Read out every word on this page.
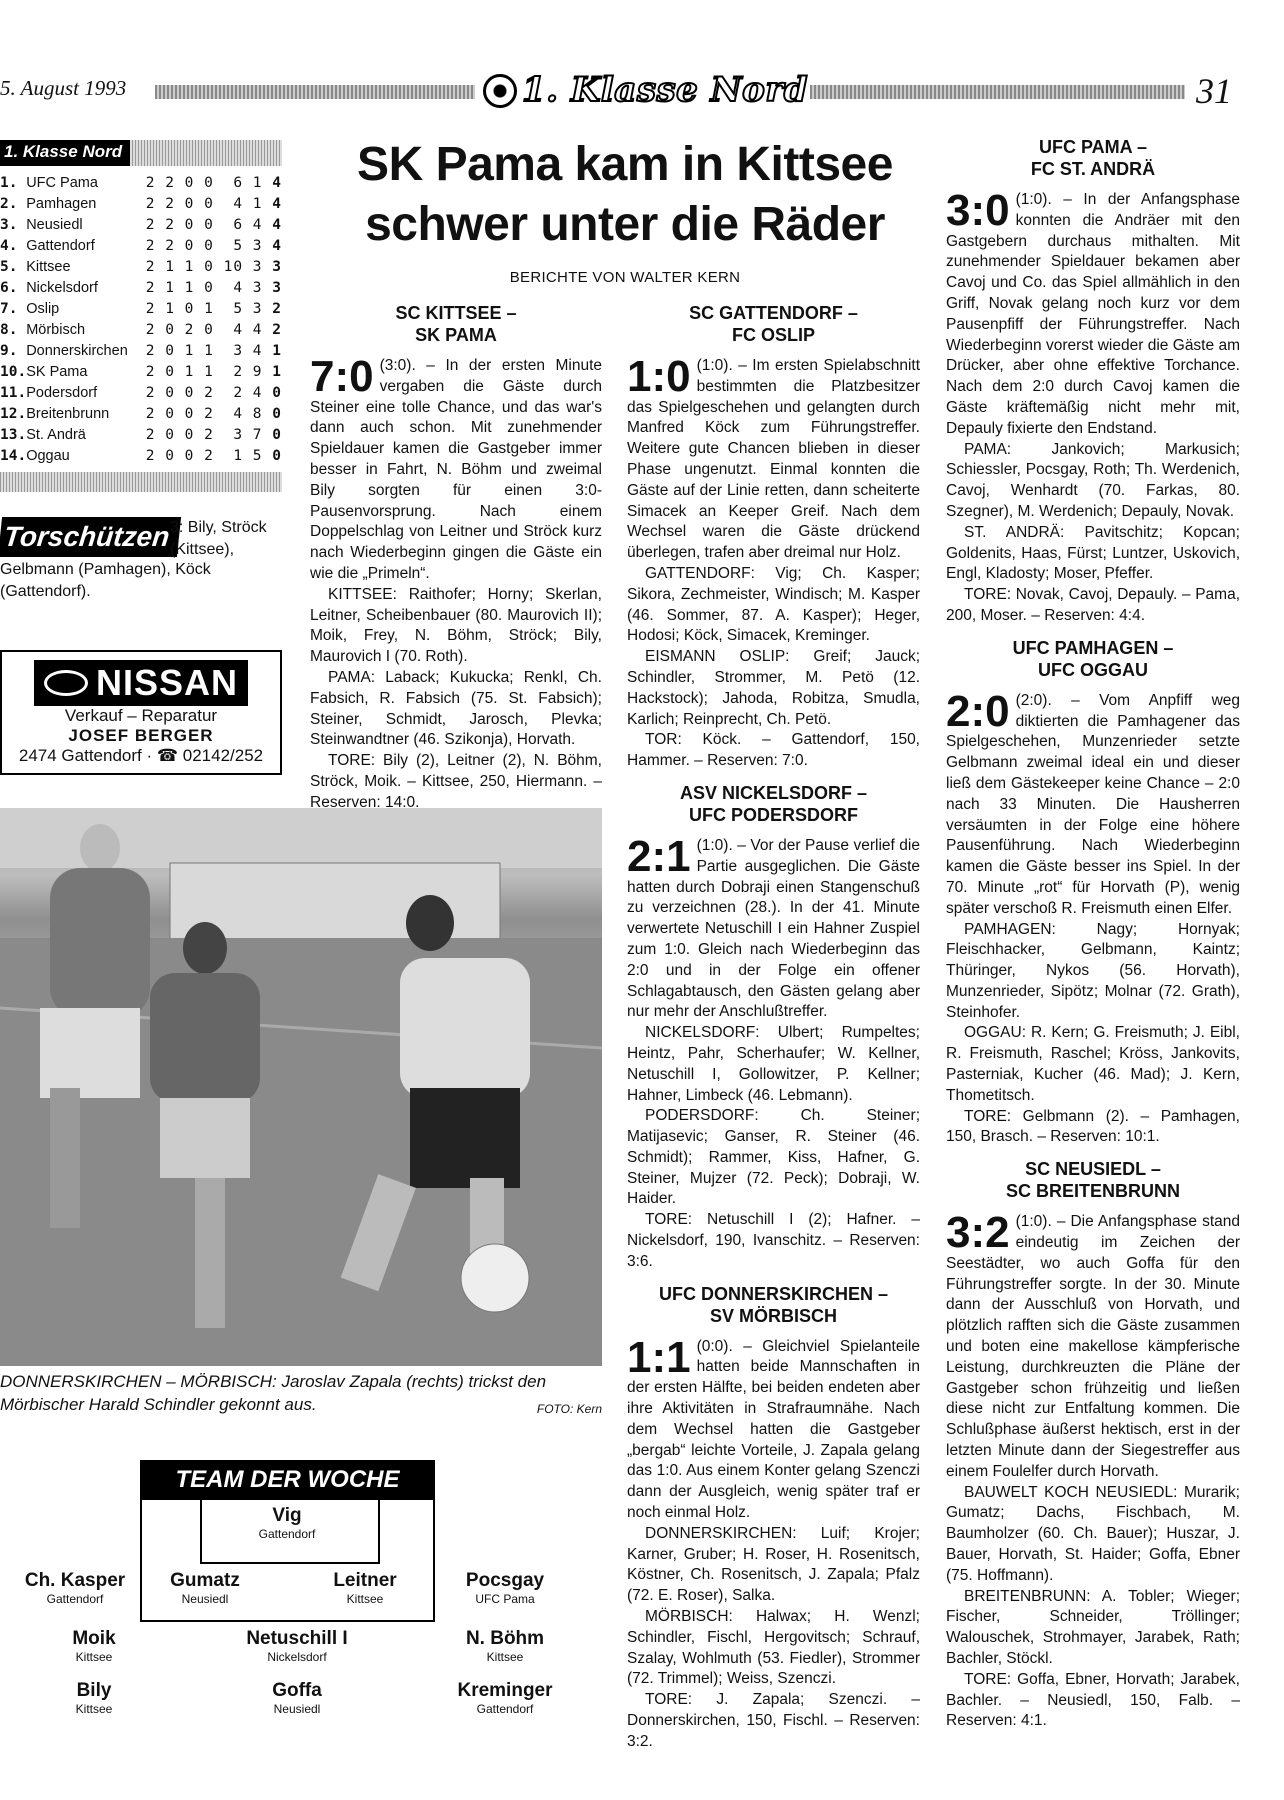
5. August 1993	1. Klasse Nord	31
1. Klasse Nord
1.	UFC Pama	2 2 0 0  6 1 4
2.	Pamhagen	2 2 0 0  4 1 4
3.	Neusiedl	2 2 0 0  6 4 4
4.	Gattendorf	2 2 0 0  5 3 4
5.	Kittsee	2 1 1 0 10 3 3
6.	Nickelsdorf	2 1 1 0  4 3 3
7.	Oslip	2 1 0 1  5 3 2
8.	Mörbisch	2 0 2 0  4 4 2
9.	Donnerskirchen	2 0 1 1  3 4 1
10.	SK Pama	2 0 1 1  2 9 1
11.	Podersdorf	2 0 0 2  2 4 0
12.	Breitenbrunn	2 0 0 2  4 8 0
13.	St. Andrä	2 0 0 2  3 7 0
14.	Oggau	2 0 0 2  1 5 0
Torschützen
3: Bily, Ströck (Kittsee),
Gelbmann (Pamhagen), Köck (Gattendorf).
NISSAN
Verkauf – Reparatur
JOSEF BERGER
2474 Gattendorf · ☎ 02142/252
DONNERSKIRCHEN – MÖRBISCH: Jaroslav Zapala (rechts) trickst den Mörbischer Harald Schindler gekonnt aus.	FOTO: Kern
TEAM DER WOCHE
Vig
Gattendorf
Ch. Kasper
Gattendorf
Gumatz
Neusiedl
Leitner
Kittsee
Pocsgay
UFC Pama
Moik
Kittsee
Netuschill I
Nickelsdorf
N. Böhm
Kittsee
Bily
Kittsee
Goffa
Neusiedl
Kreminger
Gattendorf
SK Pama kam in Kittsee
schwer unter die Räder
BERICHTE VON WALTER KERN
SC KITTSEE –
SK PAMA

7:0 (3:0). – In der ersten Minute vergaben die Gäste durch Steiner eine tolle Chance, und das war's dann auch schon. Mit zunehmender Spieldauer kamen die Gastgeber immer besser in Fahrt, N. Böhm und zweimal Bily sorgten für einen 3:0-Pausenvorsprung. Nach einem Doppelschlag von Leitner und Ströck kurz nach Wiederbeginn gingen die Gäste ein wie die „Primeln“.

KITTSEE: Raithofer; Horny; Skerlan, Leitner, Scheibenbauer (80. Maurovich II); Moik, Frey, N. Böhm, Ströck; Bily, Maurovich I (70. Roth).

PAMA: Laback; Kukucka; Renkl, Ch. Fabsich, R. Fabsich (75. St. Fabsich); Steiner, Schmidt, Jarosch, Plevka; Steinwandtner (46. Szikonja), Horvath.

TORE: Bily (2), Leitner (2), N. Böhm, Ströck, Moik. – Kittsee, 250, Hiermann. – Reserven: 14:0.

SC GATTENDORF –
FC OSLIP

1:0 (1:0). – Im ersten Spielabschnitt bestimmten die Platzbesitzer das Spielgeschehen und gelangten durch Manfred Köck zum Führungstreffer. Weitere gute Chancen blieben in dieser Phase ungenutzt. Einmal konnten die Gäste auf der Linie retten, dann scheiterte Simacek an Keeper Greif. Nach dem Wechsel waren die Gäste drückend überlegen, trafen aber dreimal nur Holz.

GATTENDORF: Vig; Ch. Kasper; Sikora, Zechmeister, Windisch; M. Kasper (46. Sommer, 87. A. Kasper); Heger, Hodosi; Köck, Simacek, Kreminger.

EISMANN OSLIP: Greif; Jauck; Schindler, Strommer, M. Petö (12. Hackstock); Jahoda, Robitza, Smudla, Karlich; Reinprecht, Ch. Petö.

TOR: Köck. – Gattendorf, 150, Hammer. – Reserven: 7:0.

ASV NICKELSDORF –
UFC PODERSDORF

2:1 (1:0). – Vor der Pause verlief die Partie ausgeglichen. Die Gäste hatten durch Dobraji einen Stangenschuß zu verzeichnen (28.). In der 41. Minute verwertete Netuschill I ein Hahner Zuspiel zum 1:0. Gleich nach Wiederbeginn das 2:0 und in der Folge ein offener Schlagabtausch, den Gästen gelang aber nur mehr der Anschlußtreffer.

NICKELSDORF: Ulbert; Rumpeltes; Heintz, Pahr, Scherhaufer; W. Kellner, Netuschill I, Gollowitzer, P. Kellner; Hahner, Limbeck (46. Lebmann).

PODERSDORF: Ch. Steiner; Matijasevic; Ganser, R. Steiner (46. Schmidt); Rammer, Kiss, Hafner, G. Steiner, Mujzer (72. Peck); Dobraji, W. Haider.

TORE: Netuschill I (2); Hafner. – Nickelsdorf, 190, Ivanschitz. – Reserven: 3:6.

UFC DONNERSKIRCHEN –
SV MÖRBISCH

1:1 (0:0). – Gleichviel Spielanteile hatten beide Mannschaften in der ersten Hälfte, bei beiden endeten aber ihre Aktivitäten in Strafraumnähe. Nach dem Wechsel hatten die Gastgeber „bergab“ leichte Vorteile, J. Zapala gelang das 1:0. Aus einem Konter gelang Szenczi dann der Ausgleich, wenig später traf er noch einmal Holz.

DONNERSKIRCHEN: Luif; Krojer; Karner, Gruber; H. Roser, H. Rosenitsch, Köstner, Ch. Rosenitsch, J. Zapala; Pfalz (72. E. Roser), Salka.

MÖRBISCH: Halwax; H. Wenzl; Schindler, Fischl, Hergovitsch; Schrauf, Szalay, Wohlmuth (53. Fiedler), Strommer (72. Trimmel); Weiss, Szenczi.

TORE: J. Zapala; Szenczi. – Donnerskirchen, 150, Fischl. – Reserven: 3:2.

UFC PAMA –
FC ST. ANDRÄ

3:0 (1:0). – In der Anfangsphase konnten die Andräer mit den Gastgebern durchaus mithalten. Mit zunehmender Spieldauer bekamen aber Cavoj und Co. das Spiel allmählich in den Griff, Novak gelang noch kurz vor dem Pausenpfiff der Führungstreffer. Nach Wiederbeginn vorerst wieder die Gäste am Drücker, aber ohne effektive Torchance. Nach dem 2:0 durch Cavoj kamen die Gäste kräftemäßig nicht mehr mit, Depauly fixierte den Endstand.

PAMA: Jankovich; Markusich; Schiessler, Pocsgay, Roth; Th. Werdenich, Cavoj, Wenhardt (70. Farkas, 80. Szegner), M. Werdenich; Depauly, Novak.

ST. ANDRÄ: Pavitschitz; Kopcan; Goldenits, Haas, Fürst; Luntzer, Uskovich, Engl, Kladosty; Moser, Pfeffer.

TORE: Novak, Cavoj, Depauly. – Pama, 200, Moser. – Reserven: 4:4.

UFC PAMHAGEN –
UFC OGGAU

2:0 (2:0). – Vom Anpfiff weg diktierten die Pamhagener das Spielgeschehen, Munzenrieder setzte Gelbmann zweimal ideal ein und dieser ließ dem Gästekeeper keine Chance – 2:0 nach 33 Minuten. Die Hausherren versäumten in der Folge eine höhere Pausenführung. Nach Wiederbeginn kamen die Gäste besser ins Spiel. In der 70. Minute „rot“ für Horvath (P), wenig später verschoß R. Freismuth einen Elfer.

PAMHAGEN: Nagy; Hornyak; Fleischhacker, Gelbmann, Kaintz; Thüringer, Nykos (56. Horvath), Munzenrieder, Sipötz; Molnar (72. Grath), Steinhofer.

OGGAU: R. Kern; G. Freismuth; J. Eibl, R. Freismuth, Raschel; Kröss, Jankovits, Pasterniak, Kucher (46. Mad); J. Kern, Thometitsch.

TORE: Gelbmann (2). – Pamhagen, 150, Brasch. – Reserven: 10:1.

SC NEUSIEDL –
SC BREITENBRUNN

3:2 (1:0). – Die Anfangsphase stand eindeutig im Zeichen der Seestädter, wo auch Goffa für den Führungstreffer sorgte. In der 30. Minute dann der Ausschluß von Horvath, und plötzlich rafften sich die Gäste zusammen und boten eine makellose kämpferische Leistung, durchkreuzten die Pläne der Gastgeber schon frühzeitig und ließen diese nicht zur Entfaltung kommen. Die Schlußphase äußerst hektisch, erst in der letzten Minute dann der Siegestreffer aus einem Foulelfer durch Horvath.

BAUWELT KOCH NEUSIEDL: Murarik; Gumatz; Dachs, Fischbach, M. Baumholzer (60. Ch. Bauer); Huszar, J. Bauer, Horvath, St. Haider; Goffa, Ebner (75. Hoffmann).

BREITENBRUNN: A. Tobler; Wieger; Fischer, Schneider, Tröllinger; Walouschek, Strohmayer, Jarabek, Rath; Bachler, Stöckl.

TORE: Goffa, Ebner, Horvath; Jarabek, Bachler. – Neusiedl, 150, Falb. – Reserven: 4:1.
